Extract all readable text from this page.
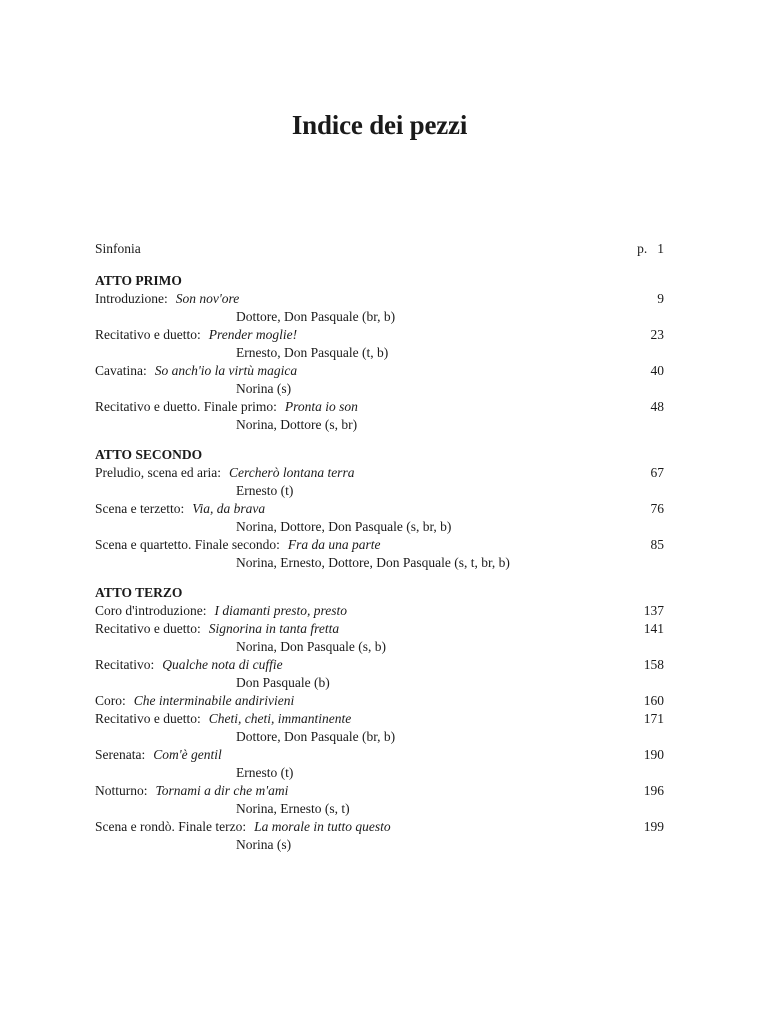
Indice dei pezzi
Sinfonia	p. 1
ATTO PRIMO
Introduzione: Son nov'ore	9
Dottore, Don Pasquale (br, b)
Recitativo e duetto: Prender moglie!	23
Ernesto, Don Pasquale (t, b)
Cavatina: So anch'io la virtù magica	40
Norina (s)
Recitativo e duetto. Finale primo: Pronta io son	48
Norina, Dottore (s, br)
ATTO SECONDO
Preludio, scena ed aria: Cercherò lontana terra	67
Ernesto (t)
Scena e terzetto: Via, da brava	76
Norina, Dottore, Don Pasquale (s, br, b)
Scena e quartetto. Finale secondo: Fra da una parte	85
Norina, Ernesto, Dottore, Don Pasquale (s, t, br, b)
ATTO TERZO
Coro d'introduzione: I diamanti presto, presto	137
Recitativo e duetto: Signorina in tanta fretta	141
Norina, Don Pasquale (s, b)
Recitativo: Qualche nota di cuffie	158
Don Pasquale (b)
Coro: Che interminabile andirivieni	160
Recitativo e duetto: Cheti, cheti, immantinente	171
Dottore, Don Pasquale (br, b)
Serenata: Com'è gentil	190
Ernesto (t)
Notturno: Tornami a dir che m'ami	196
Norina, Ernesto (s, t)
Scena e rondò. Finale terzo: La morale in tutto questo	199
Norina (s)
